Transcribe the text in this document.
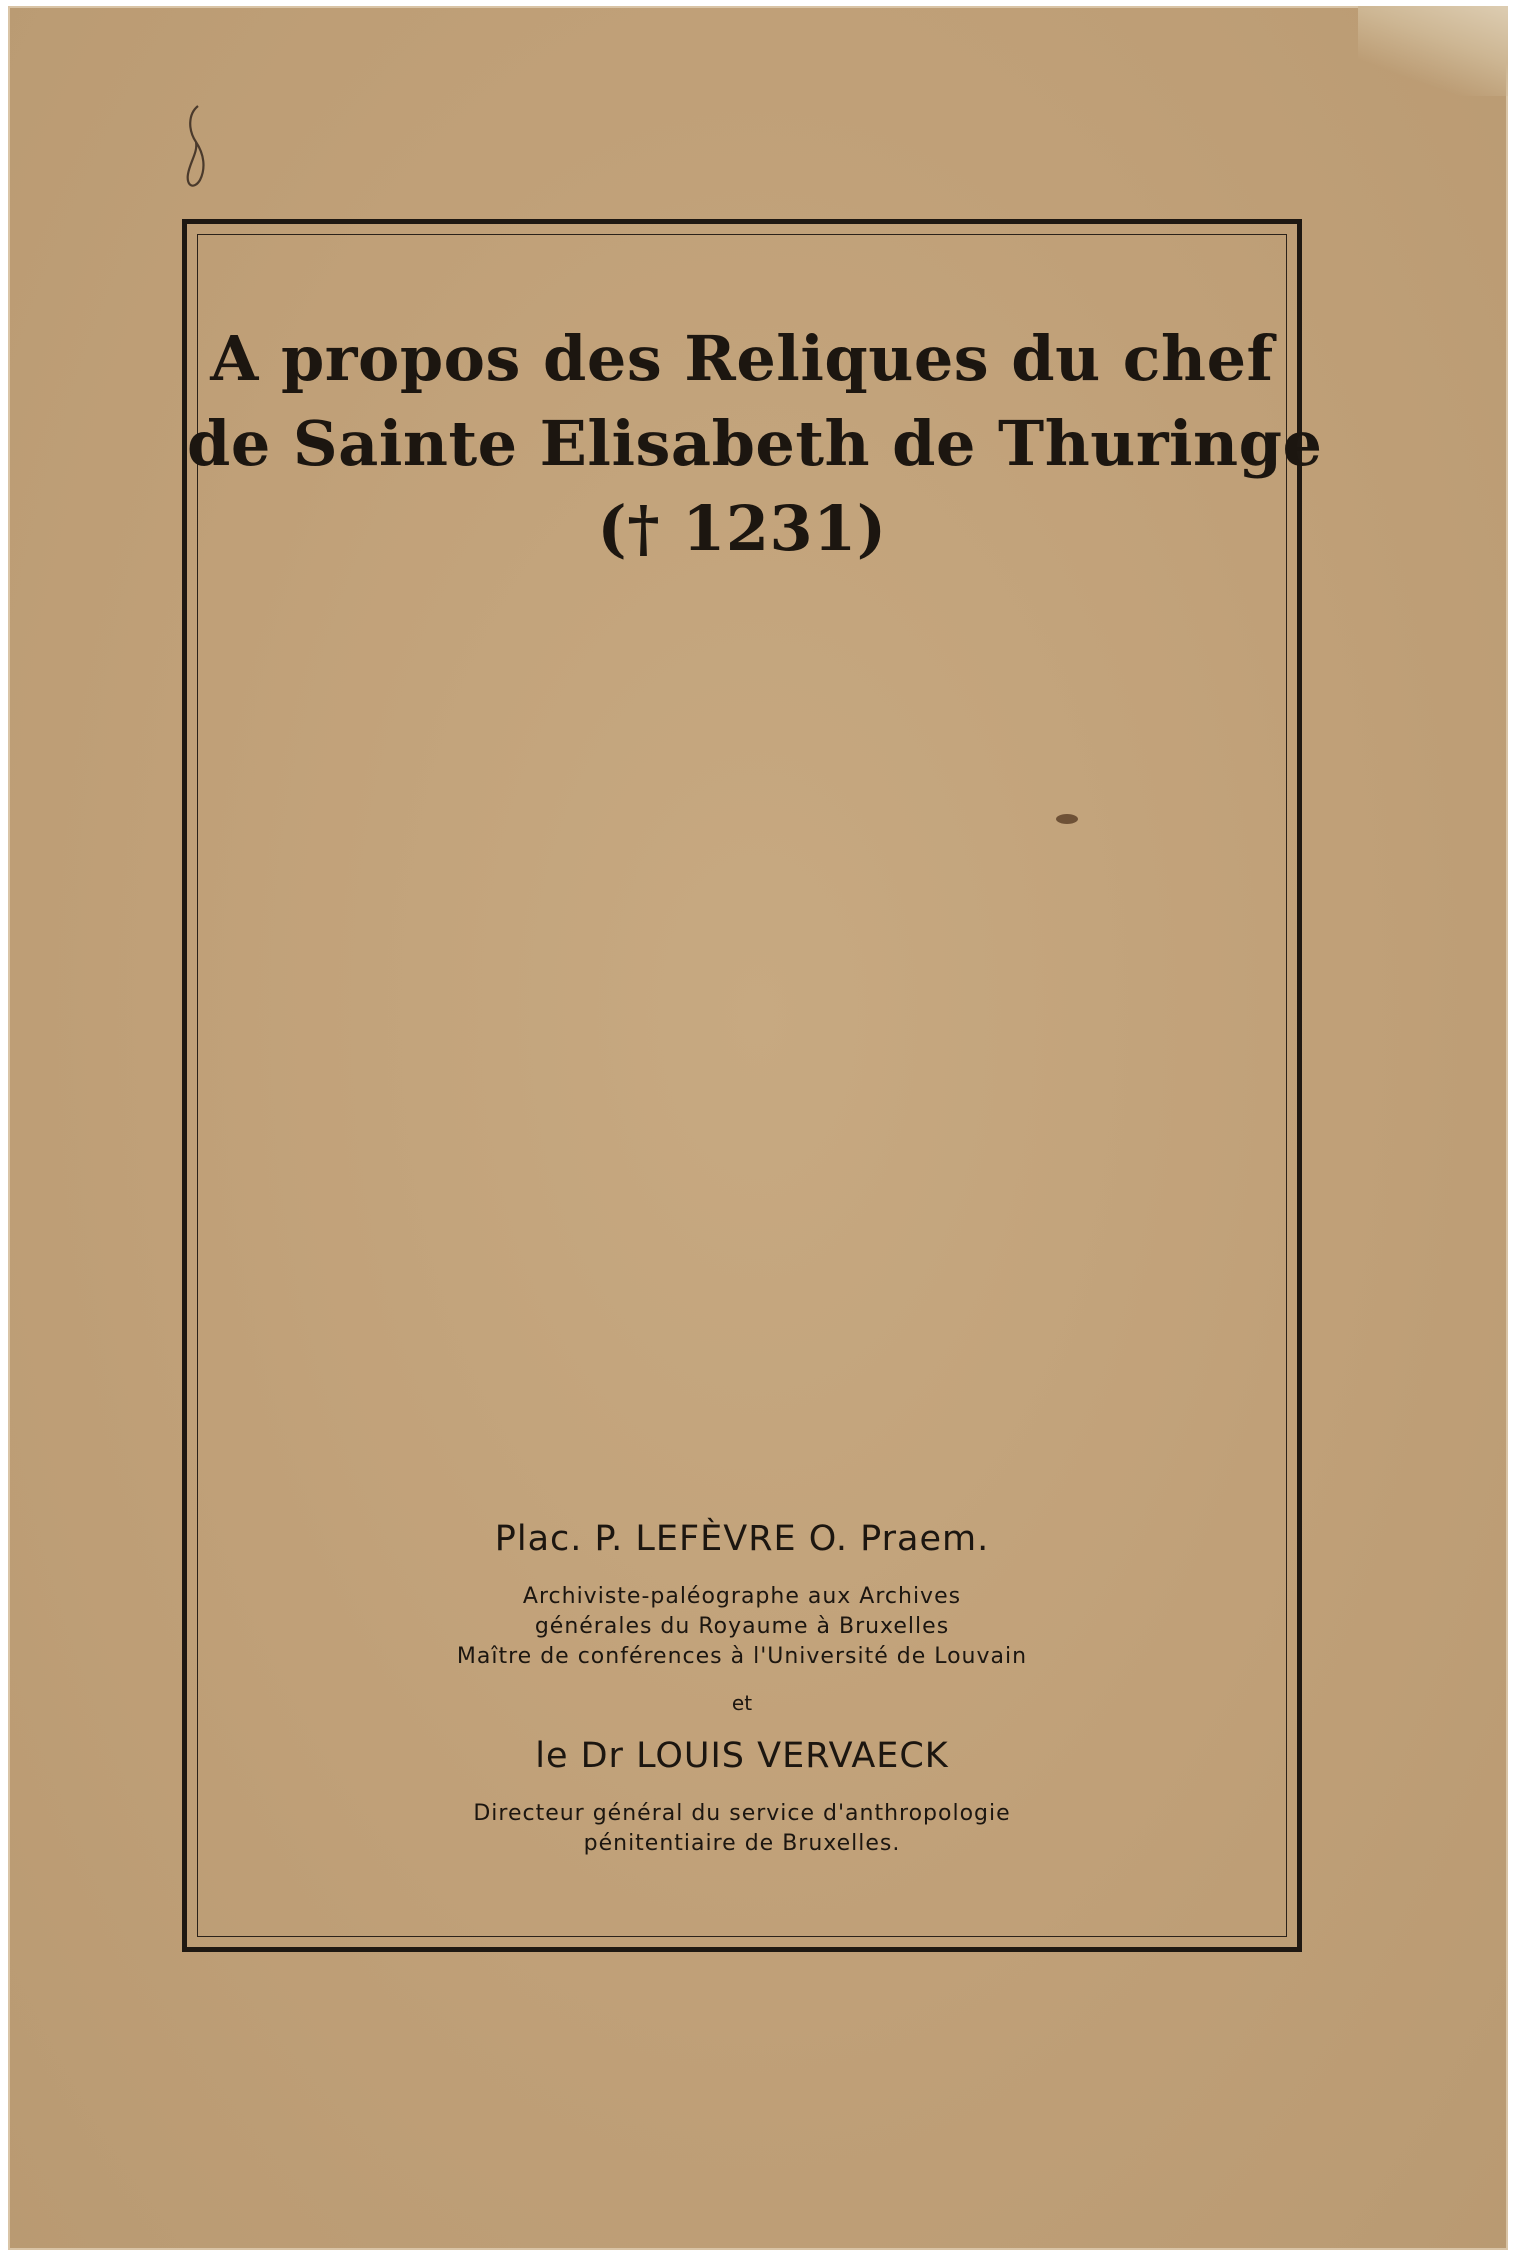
A propos des Reliques du chef
de Sainte Elisabeth de Thuringe
(† 1231)
Plac. P. LEFÈVRE O. Praem.
Archiviste-paléographe aux Archives
générales du Royaume à Bruxelles
Maître de conférences à l'Université de Louvain
et
le Dr LOUIS VERVAECK
Directeur général du service d'anthropologie
pénitentiaire de Bruxelles.
